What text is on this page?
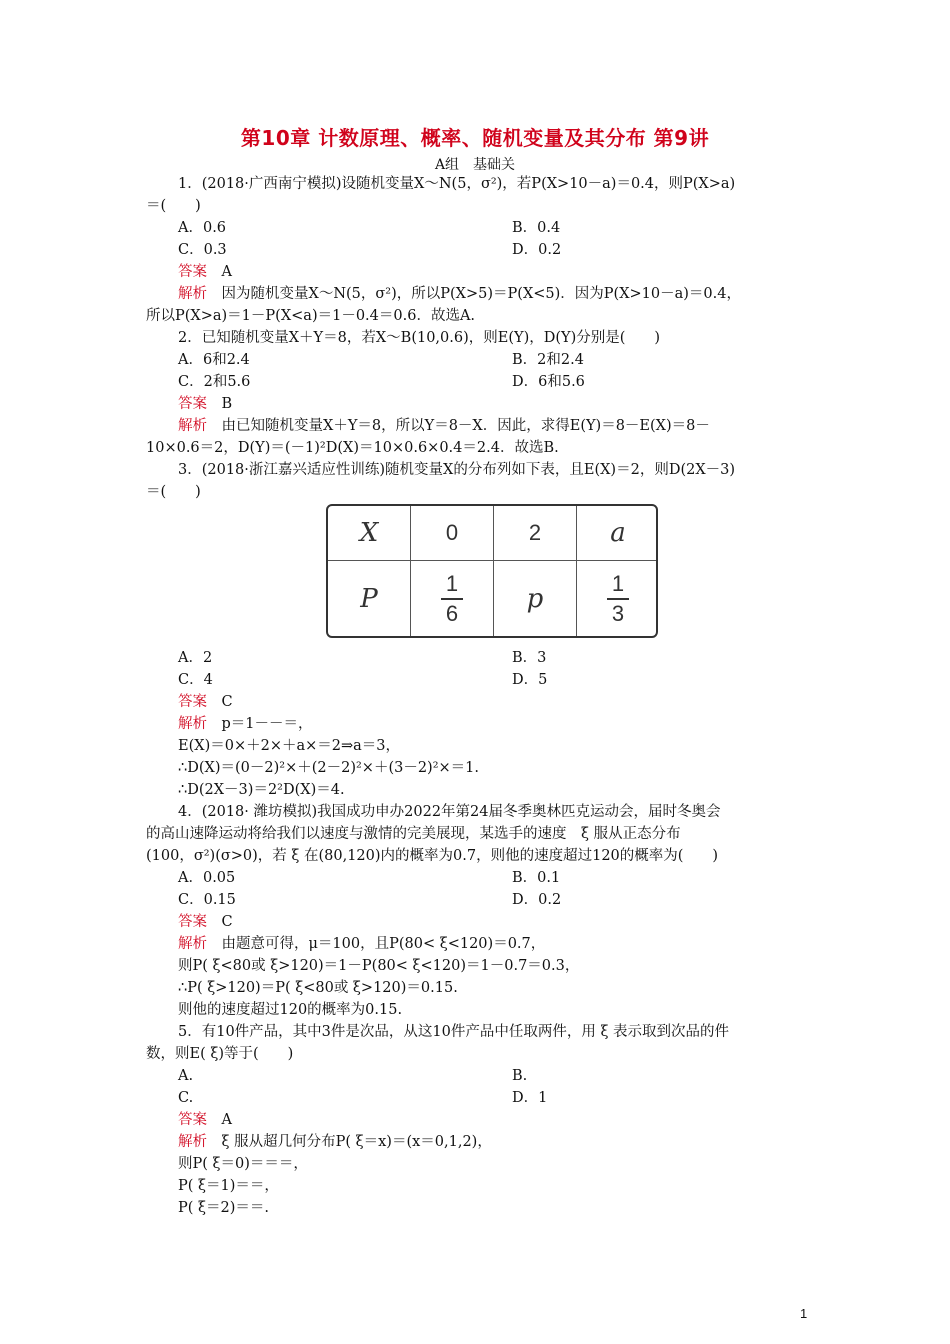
第10章 计数原理、概率、随机变量及其分布 第9讲
A组　基础关
1．(2018·广西南宁模拟)设随机变量X～N(5，σ²)，若P(X>10－a)＝0.4，则P(X>a)
＝(　　)
A．0.6	B．0.4
C．0.3	D．0.2
答案　 A
解析　 因为随机变量X～N(5，σ²)，所以P(X>5)＝P(X<5)．因为P(X>10－a)＝0.4，
所以P(X>a)＝1－P(X<a)＝1－0.4＝0.6．故选A.
2．已知随机变量X＋Y＝8，若X～B(10,0.6)，则E(Y)，D(Y)分别是(　　)
A．6和2.4	B．2和2.4
C．2和5.6	D．6和5.6
答案　 B
解析　 由已知随机变量X＋Y＝8，所以Y＝8－X．因此，求得E(Y)＝8－E(X)＝8－
10×0.6＝2，D(Y)＝(－1)²D(X)＝10×0.6×0.4＝2.4．故选B.
3．(2018·浙江嘉兴适应性训练)随机变量X的分布列如下表，且E(X)＝2，则D(2X－3)
＝(　　)
X	0	2	a
P	$\frac{1}{6}$	p	$\frac{1}{3}$
A．2	B．3
C．4	D．5
答案　 C
解析　 p＝1－－＝，
E(X)＝0×＋2×＋a×＝2⇒a＝3，
∴D(X)＝(0－2)²×＋(2－2)²×＋(3－2)²×＝1.
∴D(2X－3)＝2²D(X)＝4.
4．(2018· 潍坊模拟)我国成功申办2022年第24届冬季奥林匹克运动会，届时冬奥会
的高山速降运动将给我们以速度与激情的完美展现，某选手的速度　ξ 服从正态分布
(100，σ²)(σ>0)，若 ξ 在(80,120)内的概率为0.7，则他的速度超过120的概率为(　　)
A．0.05	B．0.1
C．0.15	D．0.2
答案　 C
解析　 由题意可得，μ＝100，且P(80< ξ<120)＝0.7，
则P( ξ<80或 ξ>120)＝1－P(80< ξ<120)＝1－0.7＝0.3，
∴P( ξ>120)＝P( ξ<80或 ξ>120)＝0.15.
则他的速度超过120的概率为0.15.
5．有10件产品，其中3件是次品，从这10件产品中任取两件，用 ξ 表示取到次品的件
数，则E( ξ)等于(　　)
A.	B.
C.	D．1
答案　 A
解析　 ξ 服从超几何分布P( ξ＝x)＝(x＝0,1,2)，
则P( ξ＝0)＝＝＝，
P( ξ＝1)＝＝，
P( ξ＝2)＝＝.
1
